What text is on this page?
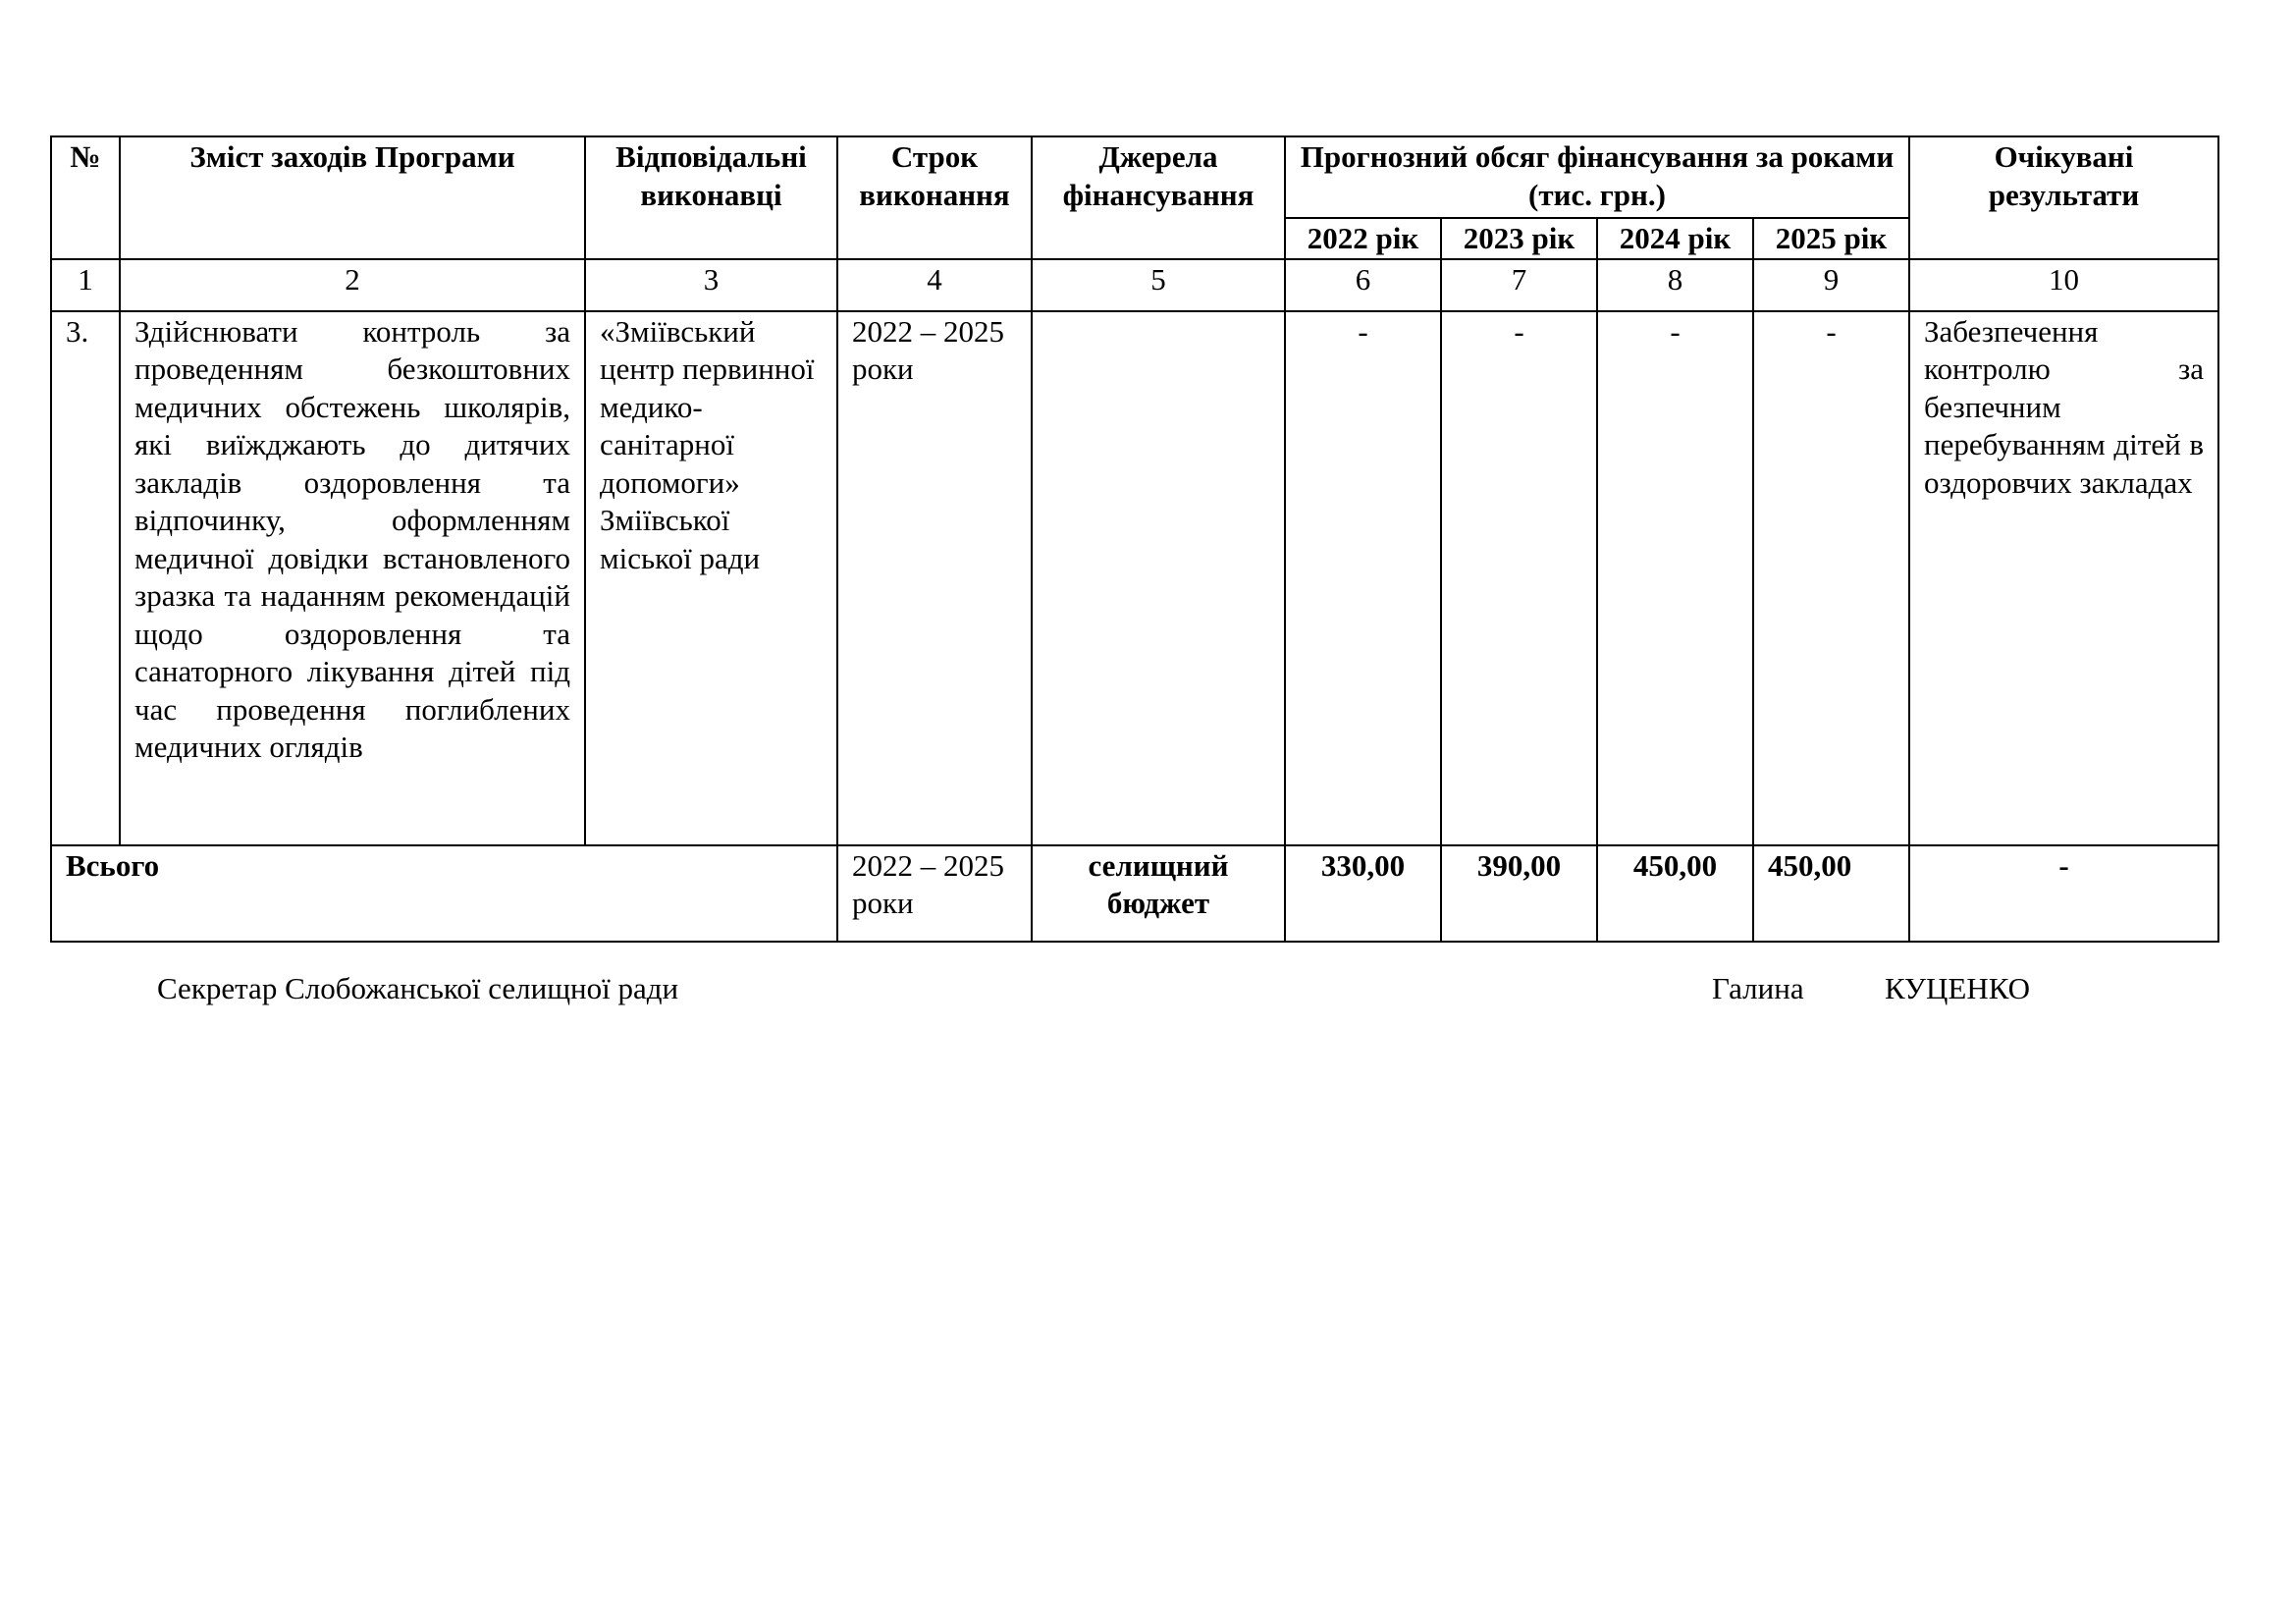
№	Зміст заходів Програми	Відповідальні виконавці	Строк виконання	Джерела фінансування	Прогнозний обсяг фінансування за роками (тис. грн.)				Очікувані результати
					2022 рік	2023 рік	2024 рік	2025 рік	
1	2	3	4	5	6	7	8	9	10
3.	Здійснювати контроль за проведенням безкоштовних медичних обстежень школярів, які виїжджають до дитячих закладів оздоровлення та відпочинку, оформленням медичної довідки встановленого зразка та наданням рекомендацій щодо оздоровлення та санаторного лікування дітей під час проведення поглиблених медичних оглядів	«Зміївський центр первинної медико-санітарної допомоги» Зміївської міської ради	2022 – 2025 роки		-	-	-	-	Забезпечення контролю за безпечним перебуванням дітей в оздоровчих закладах
Всього			2022 – 2025 роки	селищний бюджет	330,00	390,00	450,00	450,00	-
Секретар Слобожанської селищної ради	Галина	КУЦЕНКО
